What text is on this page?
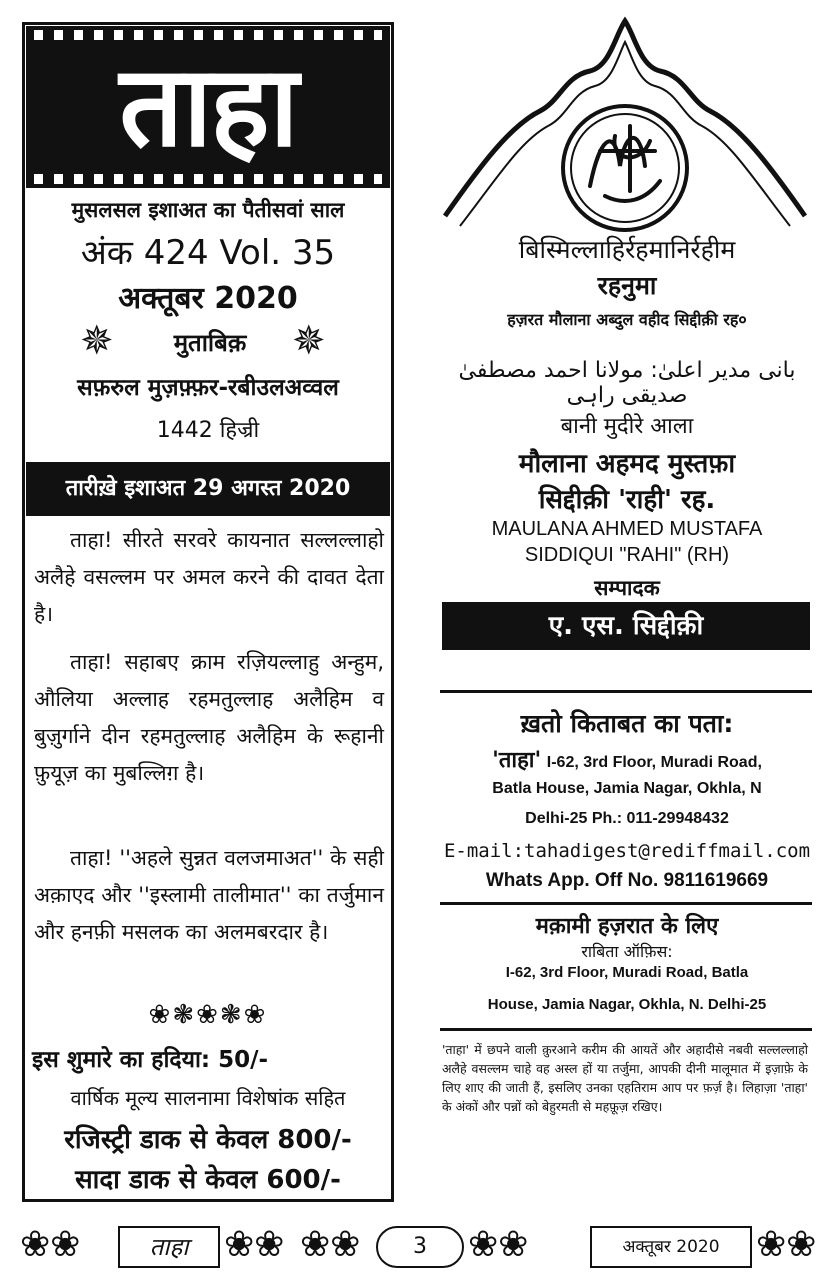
ताहा
मुसलसल इशाअत का पैतीसवां साल
अंक 424 Vol. 35
अक्तूबर 2020
✵	मुताबिक़	✵
सफ़रुल मुज़फ़्फ़र-रबीउलअव्वल
1442 हिज्री
तारीख़े इशाअत 29 अगस्त 2020
ताहा! सीरते सरवरे कायनात सल्लल्लाहो अलैहे वसल्लम पर अमल करने की दावत देता है।
ताहा! सहाबए क्राम रज़ियल्लाहु अन्हुम, औलिया अल्लाह रहमतुल्लाह अलैहिम व बुज़ुर्गाने दीन रहमतुल्लाह अलैहिम के रूहानी फ़ुयूज़ का मुबल्लिग़ है।
ताहा! ''अहले सुन्नत वलजमाअत'' के सही अक़ाएद और ''इस्लामी तालीमात'' का तर्जुमान और हनफ़ी मसलक का अलमबरदार है।
❀❃❀❃❀
इस शुमारे का हदिया: 50/-
वार्षिक मूल्य सालनामा विशेषांक सहित
रजिस्ट्री डाक से केवल 800/-
सादा डाक से केवल 600/-
बिस्मिल्लाहिर्रहमानिर्रहीम
रहनुमा
हज़रत मौलाना अब्दुल वहीद सिद्दीक़ी रह०
بانی مدیر اعلیٰ: مولانا احمد مصطفیٰ صدیقی راہی
बानी मुदीरे आला
मौलाना अहमद मुस्तफ़ा
सिद्दीक़ी 'राही' रह.
MAULANA AHMED MUSTAFA
SIDDIQUI "RAHI" (RH)
सम्पादक
ए. एस. सिद्दीक़ी
ख़तो किताबत का पता:
'ताहा' I-62, 3rd Floor, Muradi Road,
Batla House, Jamia Nagar, Okhla, N
Delhi-25 Ph.: 011-29948432
E-mail:tahadigest@rediffmail.com
Whats App. Off No. 9811619669
मक़ामी हज़रात के लिए
राबिता ऑफ़िस:
I-62, 3rd Floor, Muradi Road, Batla
House, Jamia Nagar, Okhla, N. Delhi-25
'ताहा' में छपने वाली क़ुरआने करीम की आयतें और अहादीसे नबवी सल्लल्लाहो अलैहे वसल्लम चाहे वह अस्ल हों या तर्जुमा, आपकी दीनी मालूमात में इज़ाफ़े के लिए शाए की जाती हैं, इसलिए उनका एहतिराम आप पर फ़र्ज़ है। लिहाज़ा 'ताहा' के अंकों और पन्नों को बेहुरमती से महफ़ूज़ रखिए।
❀❀	ताहा ❀❀ ❀❀	3	❀❀	अक्तूबर 2020	❀❀
